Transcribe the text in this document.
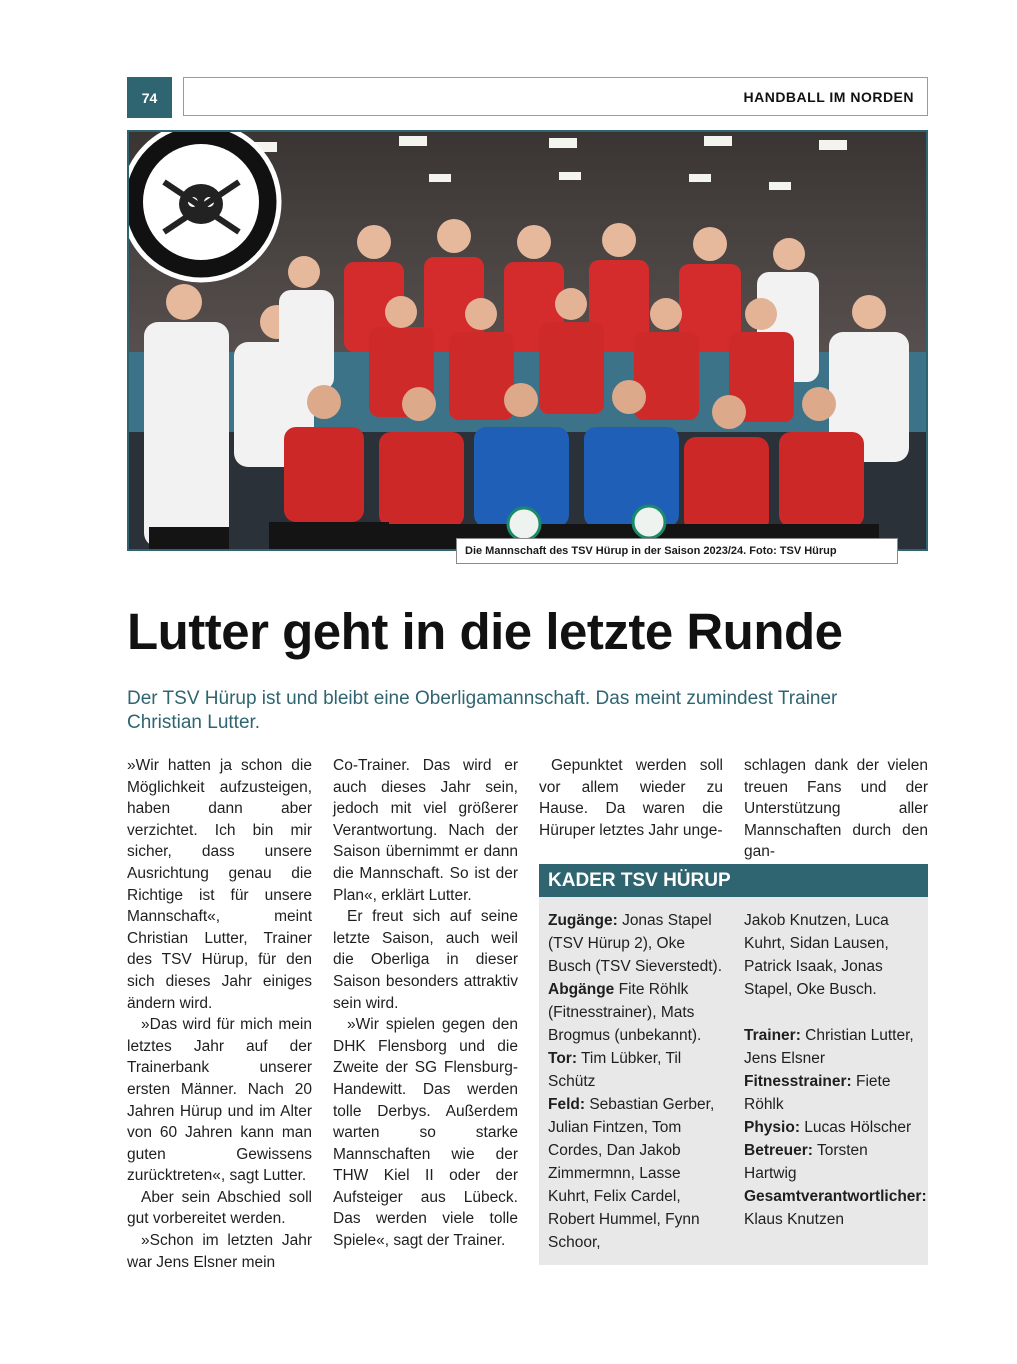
74	HANDBALL IM NORDEN
Die Mannschaft des TSV Hürup in der Saison 2023/24. Foto: TSV Hürup
Lutter geht in die letzte Runde

Der TSV Hürup ist und bleibt eine Oberligamannschaft. Das meint zumindest Trainer Christian Lutter.

»Wir hatten ja schon die Möglichkeit aufzusteigen, haben dann aber verzichtet. Ich bin mir sicher, dass unsere Ausrichtung genau die Richtige ist für unsere Mannschaft«, meint Christian Lutter, Trainer des TSV Hürup, für den sich dieses Jahr einiges ändern wird.

»Das wird für mich mein letztes Jahr auf der Trainerbank unserer ersten Männer. Nach 20 Jahren Hürup und im Alter von 60 Jahren kann man guten Gewissens zurücktreten«, sagt Lutter.

Aber sein Abschied soll gut vorbereitet werden.

»Schon im letzten Jahr war Jens Elsner mein

Co-Trainer. Das wird er auch dieses Jahr sein, jedoch mit viel größerer Verantwortung. Nach der Saison übernimmt er dann die Mannschaft. So ist der Plan«, erklärt Lutter.

Er freut sich auf seine letzte Saison, auch weil die Oberliga in dieser Saison besonders attraktiv sein wird.

»Wir spielen gegen den DHK Flensborg und die Zweite der SG Flensburg-Handewitt. Das werden tolle Derbys. Außerdem warten so starke Mannschaften wie der THW Kiel II oder der Aufsteiger aus Lübeck. Das werden viele tolle Spiele«, sagt der Trainer.

Gepunktet werden soll vor allem wieder zu Hause. Da waren die Hüruper letztes Jahr unge-

schlagen dank der vielen treuen Fans und der Unterstützung aller Mannschaften durch den gan-

KADER TSV HÜRUP

Zugänge: Jonas Stapel (TSV Hürup 2), Oke Busch (TSV Sieverstedt).

Abgänge Fite Röhlk (Fitnesstrainer), Mats Brogmus (unbekannt).

Tor: Tim Lübker, Til Schütz

Feld: Sebastian Gerber, Julian Fintzen, Tom Cordes, Dan Jakob Zimmermnn, Lasse Kuhrt, Felix Cardel, Robert Hummel, Fynn Schoor,

Jakob Knutzen, Luca Kuhrt, Sidan Lausen, Patrick Isaak, Jonas Stapel, Oke Busch.

Trainer: Christian Lutter, Jens Elsner

Fitnesstrainer: Fiete Röhlk

Physio: Lucas Hölscher

Betreuer: Torsten Hartwig

Gesamtverantwortlicher: Klaus Knutzen
